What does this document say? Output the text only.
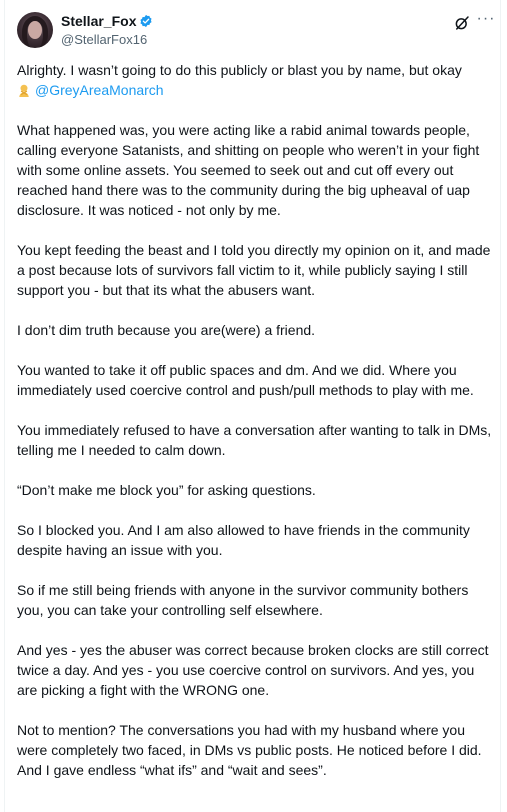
Stellar_Fox
@StellarFox16
···

Alrighty. I wasn’t going to do this publicly or blast you by name, but okay
@GreyAreaMonarch

What happened was, you were acting like a rabid animal towards people, calling everyone Satanists, and shitting on people who weren’t in your fight with some online assets. You seemed to seek out and cut off every out reached hand there was to the community during the big upheaval of uap disclosure. It was noticed - not only by me.

You kept feeding the beast and I told you directly my opinion on it, and made a post because lots of survivors fall victim to it, while publicly saying I still support you - but that its what the abusers want.

I don’t dim truth because you are(were) a friend.

You wanted to take it off public spaces and dm. And we did. Where you immediately used coercive control and push/pull methods to play with me.

You immediately refused to have a conversation after wanting to talk in DMs, telling me I needed to calm down.

“Don’t make me block you” for asking questions.

So I blocked you. And I am also allowed to have friends in the community despite having an issue with you.

So if me still being friends with anyone in the survivor community bothers you, you can take your controlling self elsewhere.

And yes - yes the abuser was correct because broken clocks are still correct twice a day. And yes - you use coercive control on survivors. And yes, you are picking a fight with the WRONG one.

Not to mention? The conversations you had with my husband where you were completely two faced, in DMs vs public posts. He noticed before I did. And I gave endless “what ifs” and “wait and sees”.
